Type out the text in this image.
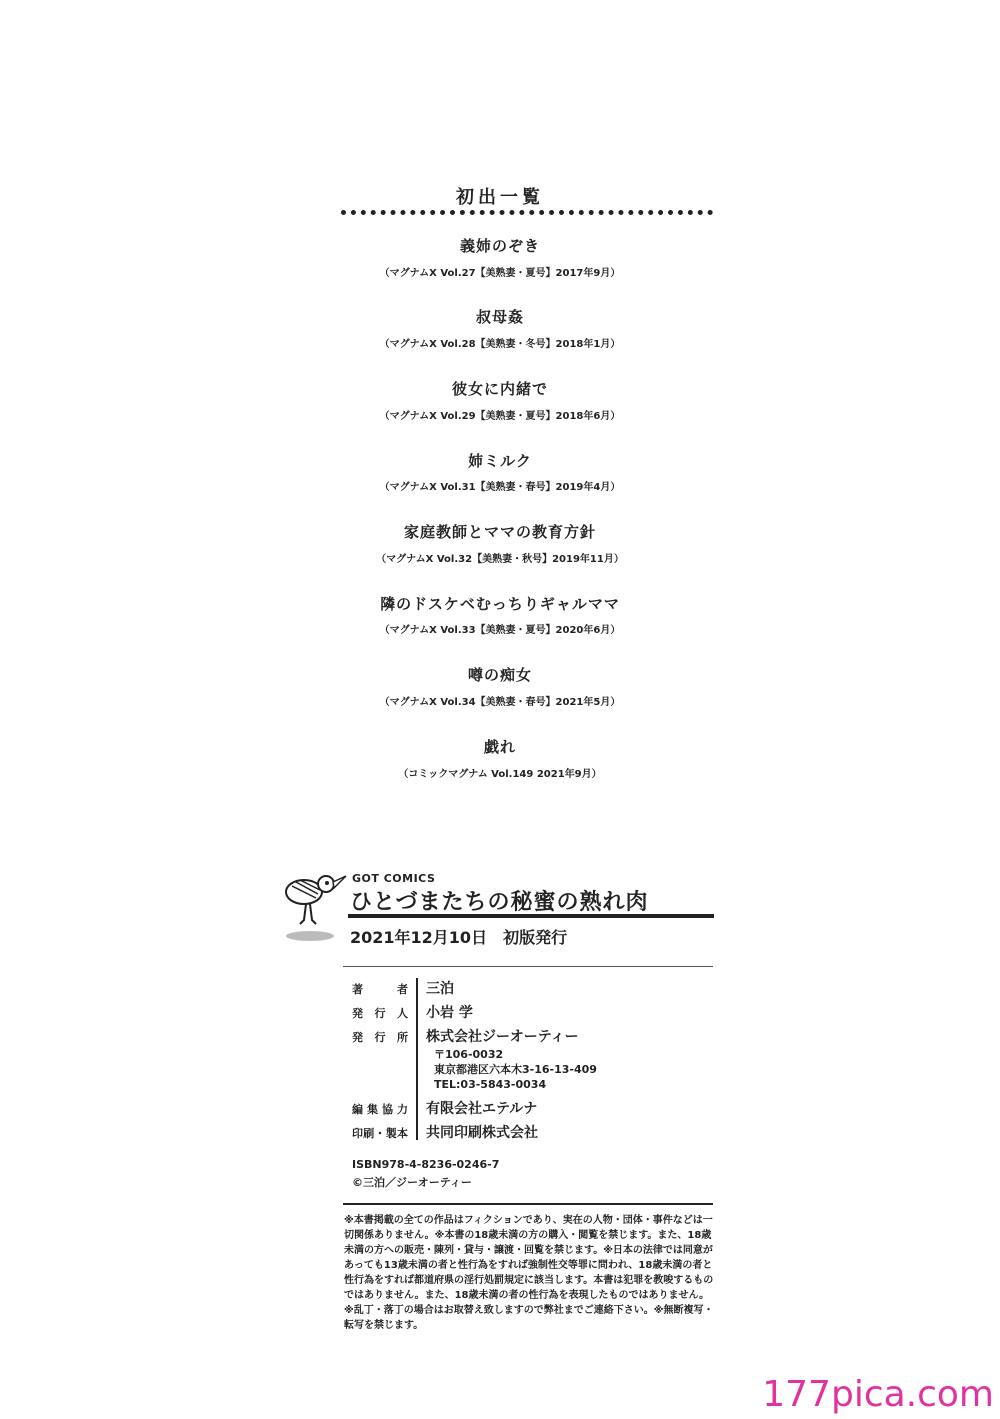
初出一覧
義姉のぞき
（マグナムX Vol.27【美熟妻・夏号】2017年9月）
叔母姦
（マグナムX Vol.28【美熟妻・冬号】2018年1月）
彼女に内緒で
（マグナムX Vol.29【美熟妻・夏号】2018年6月）
姉ミルク
（マグナムX Vol.31【美熟妻・春号】2019年4月）
家庭教師とママの教育方針
（マグナムX Vol.32【美熟妻・秋号】2019年11月）
隣のドスケベむっちりギャルママ
（マグナムX Vol.33【美熟妻・夏号】2020年6月）
噂の痴女
（マグナムX Vol.34【美熟妻・春号】2021年5月）
戯れ
（コミックマグナム Vol.149 2021年9月）
GOT COMICS
ひとづまたちの秘蜜の熟れ肉
2021年12月10日　初版発行
著　者 三泊
発行人 小岩 学
発行所 株式会社ジーオーティー
〒106-0032
東京都港区六本木3-16-13-409
TEL:03-5843-0034
編集協力 有限会社エテルナ
印刷・製本 共同印刷株式会社
ISBN978-4-8236-0246-7
©三泊／ジーオーティー
※本書掲載の全ての作品はフィクションであり、実在の人物・団体・事件などは一切関係ありません。※本書の18歳未満の方の購入・閲覧を禁じます。また、18歳未満の方への販売・陳列・貸与・譲渡・回覧を禁じます。※日本の法律では同意があっても13歳未満の者と性行為をすれば強制性交等罪に問われ、18歳未満の者と性行為をすれば都道府県の淫行処罰規定に該当します。本書は犯罪を教唆するものではありません。また、18歳未満の者の性行為を表現したものではありません。※乱丁・落丁の場合はお取替え致しますので弊社までご連絡下さい。※無断複写・転写を禁じます。
177pica.com
